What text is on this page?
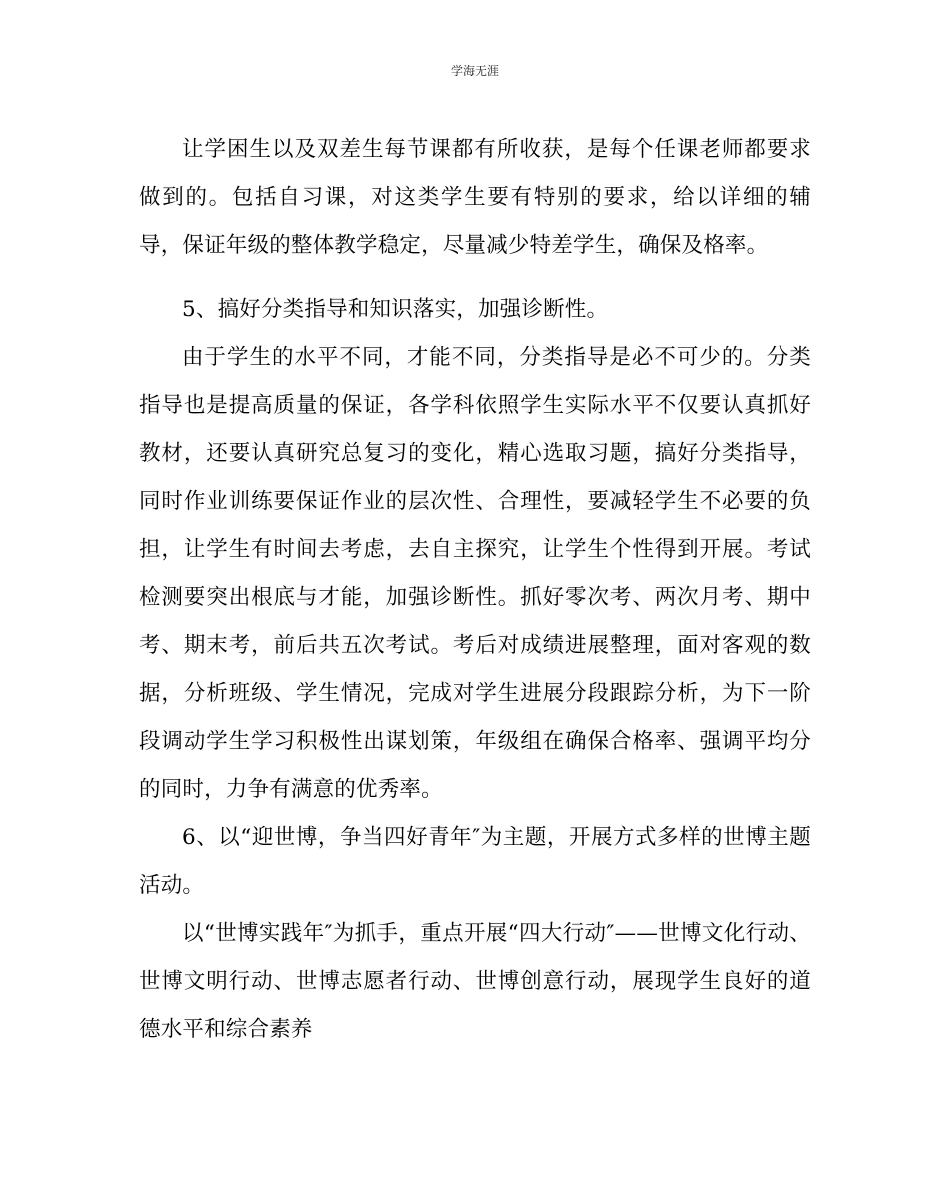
学海无涯

让学困生以及双差生每节课都有所收获，是每个任课老师都要求做到的。包括自习课，对这类学生要有特别的要求，给以详细的辅导，保证年级的整体教学稳定，尽量减少特差学生，确保及格率。

5、搞好分类指导和知识落实，加强诊断性。

由于学生的水平不同，才能不同，分类指导是必不可少的。分类指导也是提高质量的保证，各学科依照学生实际水平不仅要认真抓好教材，还要认真研究总复习的变化，精心选取习题，搞好分类指导，同时作业训练要保证作业的层次性、合理性，要减轻学生不必要的负担，让学生有时间去考虑，去自主探究，让学生个性得到开展。考试检测要突出根底与才能，加强诊断性。抓好零次考、两次月考、期中考、期末考，前后共五次考试。考后对成绩进展整理，面对客观的数据，分析班级、学生情况，完成对学生进展分段跟踪分析，为下一阶段调动学生学习积极性出谋划策，年级组在确保合格率、强调平均分的同时，力争有满意的优秀率。

6、以“迎世博，争当四好青年″为主题，开展方式多样的世博主题活动。

以“世博实践年″为抓手，重点开展“四大行动″——世博文化行动、世博文明行动、世博志愿者行动、世博创意行动，展现学生良好的道德水平和综合素养
